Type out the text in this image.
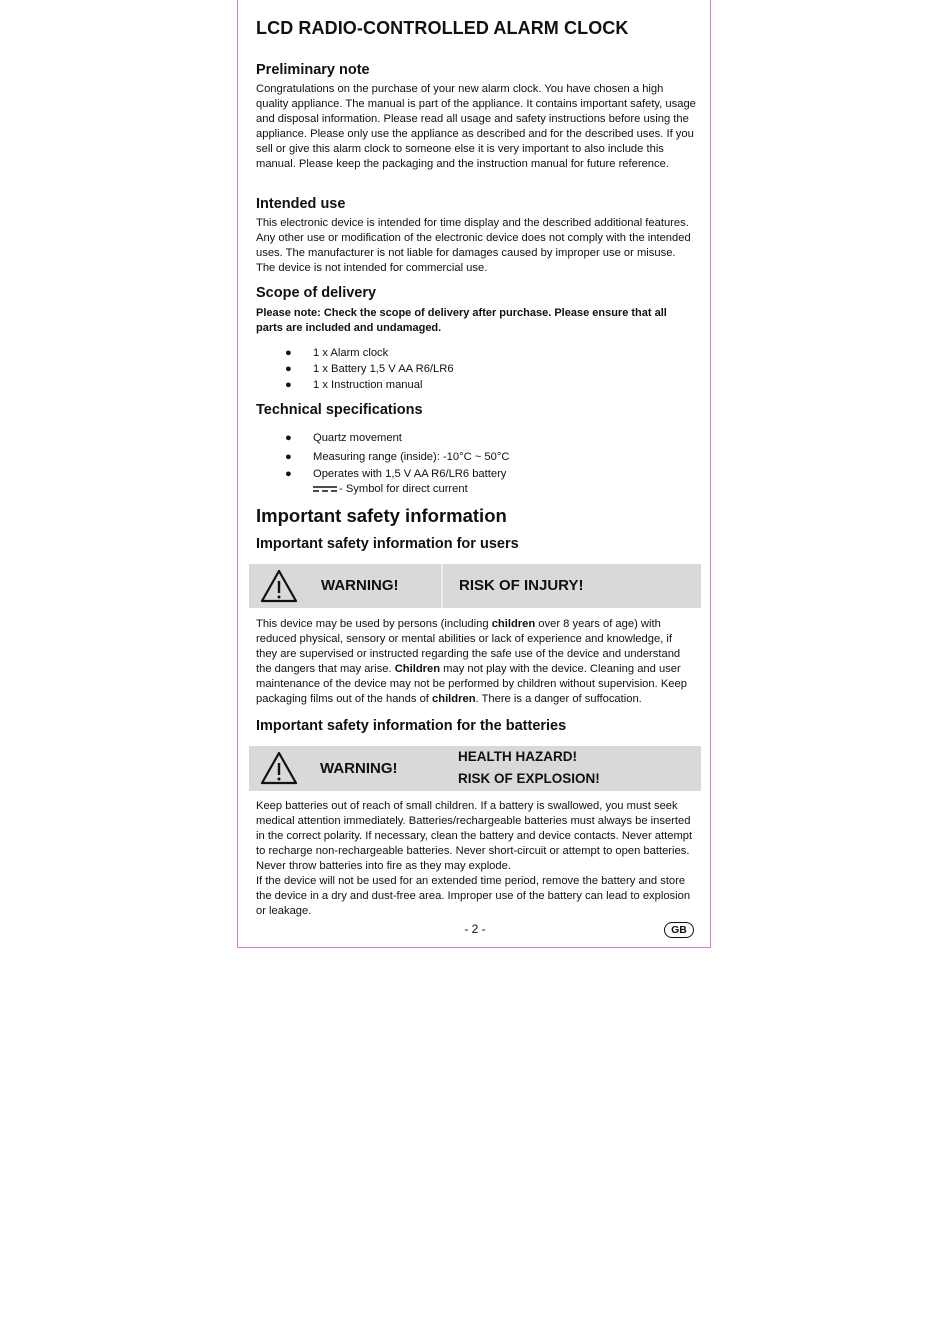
LCD RADIO-CONTROLLED ALARM CLOCK
Preliminary note

Congratulations on the purchase of your new alarm clock. You have chosen a high quality appliance. The manual is part of the appliance. It contains important safety, usage and disposal information. Please read all usage and safety instructions before using the appliance. Please only use the appliance as described and for the described uses. If you sell or give this alarm clock to someone else it is very important to also include this manual. Please keep the packaging and the instruction manual for future reference.

Intended use

This electronic device is intended for time display and the described additional features. Any other use or modification of the electronic device does not comply with the intended uses. The manufacturer is not liable for damages caused by improper use or misuse. The device is not intended for commercial use.

Scope of delivery

Please note: Check the scope of delivery after purchase. Please ensure that all parts are included and undamaged.

● 1 x Alarm clock
● 1 x Battery 1,5 V AA R6/LR6
● 1 x Instruction manual
Technical specifications
● Quartz movement
● Measuring range (inside): -10°C ~ 50°C
● Operates with 1,5 V AA R6/LR6 battery
- Symbol for direct current
Important safety information
Important safety information for users
WARNING!	RISK OF INJURY!

This device may be used by persons (including children over 8 years of age) with reduced physical, sensory or mental abilities or lack of experience and knowledge, if they are supervised or instructed regarding the safe use of the device and understand the dangers that may arise. Children may not play with the device. Cleaning and user maintenance of the device may not be performed by children without supervision. Keep packaging films out of the hands of children. There is a danger of suffocation.

Important safety information for the batteries
WARNING!
HEALTH HAZARD!
RISK OF EXPLOSION!

Keep batteries out of reach of small children. If a battery is swallowed, you must seek medical attention immediately. Batteries/rechargeable batteries must always be inserted in the correct polarity. If necessary, clean the battery and device contacts. Never attempt to recharge non-rechargeable batteries. Never short-circuit or attempt to open batteries. Never throw batteries into fire as they may explode.

If the device will not be used for an extended time period, remove the battery and store the device in a dry and dust-free area. Improper use of the battery can lead to explosion or leakage.

- 2 -	GB
